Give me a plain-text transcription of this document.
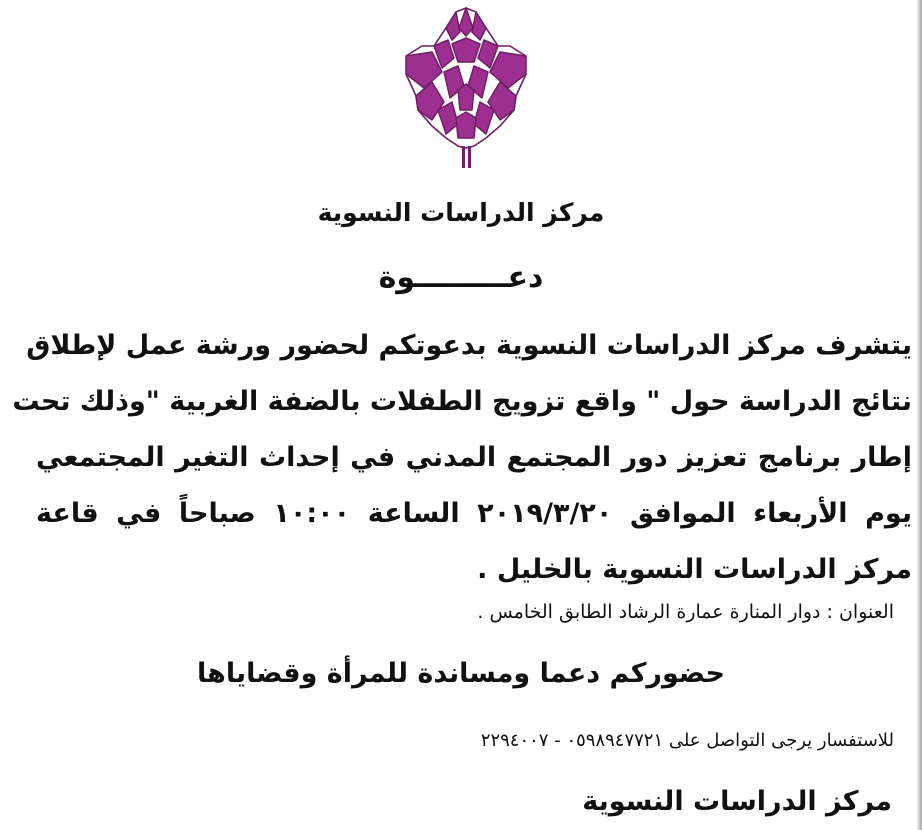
مركز الدراسات النسوية

دعـــــــــوة

يتشرف مركز الدراسات النسوية بدعوتكم لحضور ورشة عمل لإطلاق
نتائج الدراسة حول " واقع تزويج الطفلات بالضفة الغربية "وذلك تحت
إطار برنامج تعزيز دور المجتمع المدني في إحداث التغير المجتمعي
يوم الأربعاء الموافق ٢٠١٩/٣/٢٠ الساعة ١٠:٠٠ صباحاً في قاعة
مركز الدراسات النسوية بالخليل .

العنوان : دوار المنارة عمارة الرشاد الطابق الخامس .

حضوركم دعما ومساندة للمرأة وقضاياها

للاستفسار يرجى التواصل على ٠٥٩٨٩٤٧٧٢١ - ٢٢٩٤٠٠٧

مركز الدراسات النسوية
